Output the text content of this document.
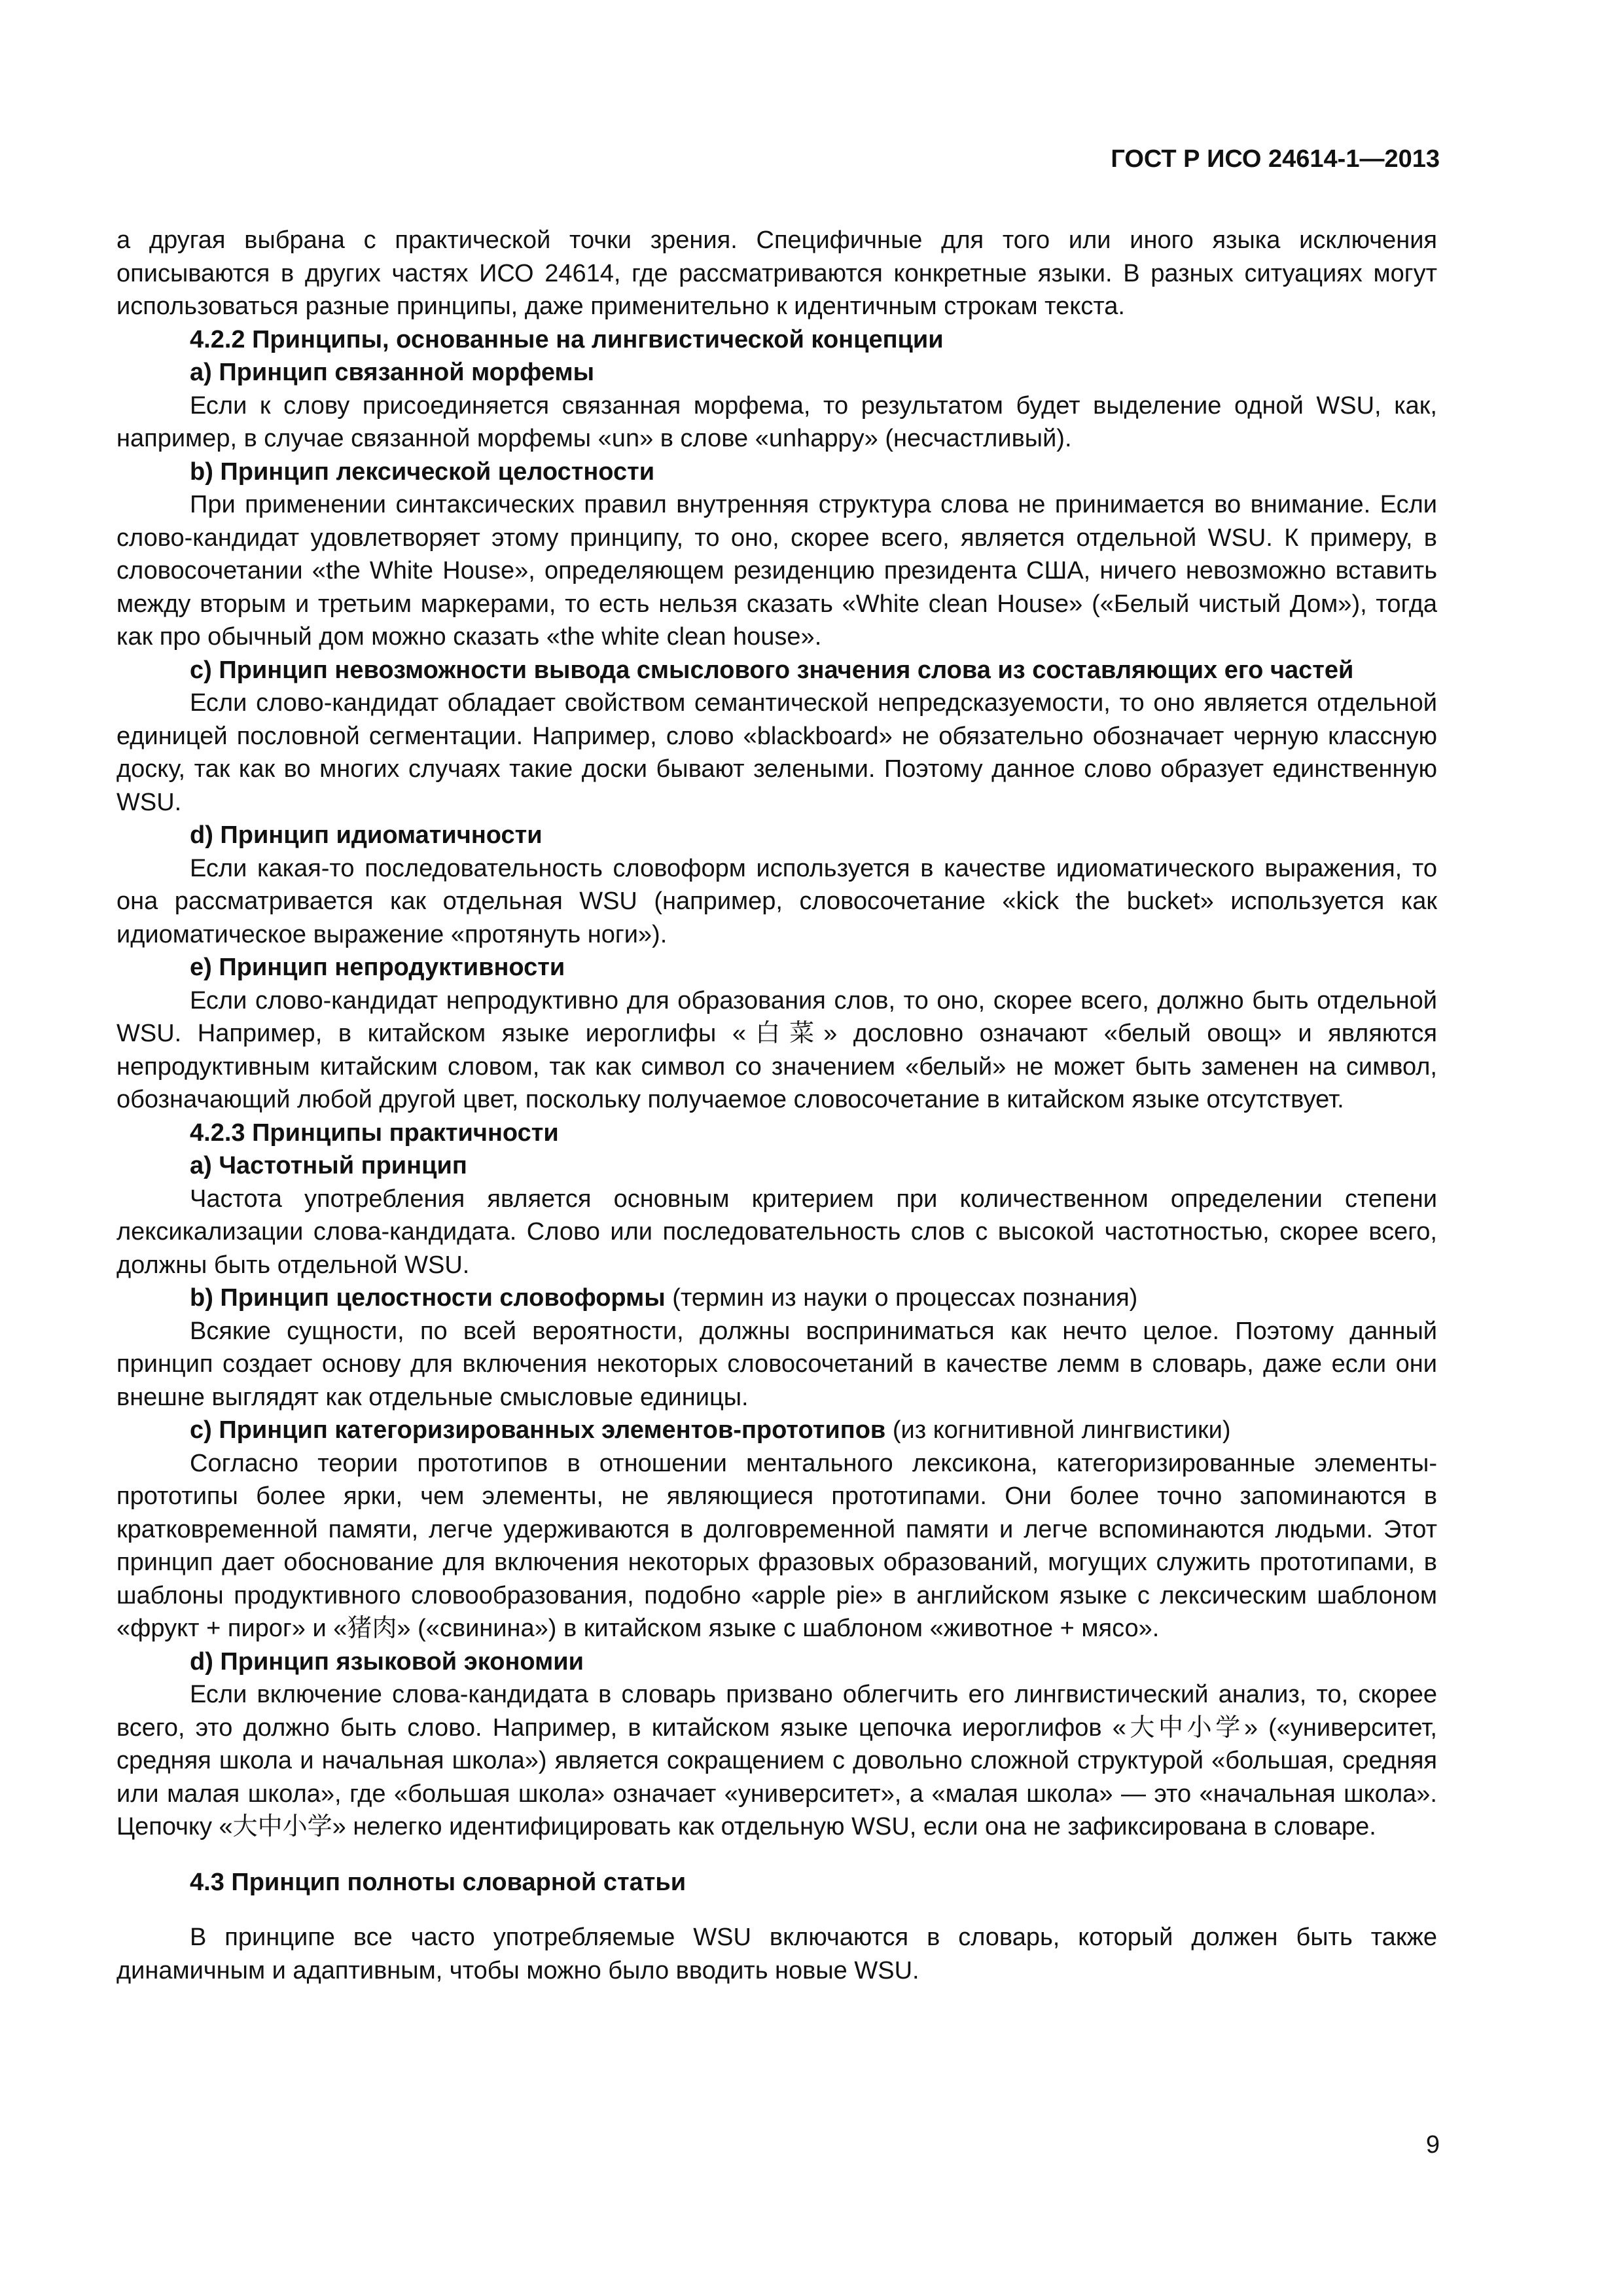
ГОСТ Р ИСО 24614-1—2013

а другая выбрана с практической точки зрения. Специфичные для того или иного языка исключения описываются в других частях ИСО 24614, где рассматриваются конкретные языки. В разных ситуациях могут использоваться разные принципы, даже применительно к идентичным строкам текста.

4.2.2 Принципы, основанные на лингвистической концепции

a) Принцип связанной морфемы

Если к слову присоединяется связанная морфема, то результатом будет выделение одной WSU, как, например, в случае связанной морфемы «un» в слове «unhappy» (несчастливый).

b) Принцип лексической целостности

При применении синтаксических правил внутренняя структура слова не принимается во внимание. Если слово-кандидат удовлетворяет этому принципу, то оно, скорее всего, является отдельной WSU. К примеру, в словосочетании «the White House», определяющем резиденцию президента США, ничего невозможно вставить между вторым и третьим маркерами, то есть нельзя сказать «White clean House» («Белый чистый Дом»), тогда как про обычный дом можно сказать «the white clean house».

c) Принцип невозможности вывода смыслового значения слова из составляющих его частей

Если слово-кандидат обладает свойством семантической непредсказуемости, то оно является отдельной единицей пословной сегментации. Например, слово «blackboard» не обязательно обозначает черную классную доску, так как во многих случаях такие доски бывают зелеными. Поэтому данное слово образует единственную WSU.

d) Принцип идиоматичности

Если какая-то последовательность словоформ используется в качестве идиоматического выражения, то она рассматривается как отдельная WSU (например, словосочетание «kick the bucket» используется как идиоматическое выражение «протянуть ноги»).

e) Принцип непродуктивности

Если слово-кандидат непродуктивно для образования слов, то оно, скорее всего, должно быть отдельной WSU. Например, в китайском языке иероглифы «白菜» дословно означают «белый овощ» и являются непродуктивным китайским словом, так как символ со значением «белый» не может быть заменен на символ, обозначающий любой другой цвет, поскольку получаемое словосочетание в китайском языке отсутствует.

4.2.3 Принципы практичности

a) Частотный принцип

Частота употребления является основным критерием при количественном определении степени лексикализации слова-кандидата. Слово или последовательность слов с высокой частотностью, скорее всего, должны быть отдельной WSU.

b) Принцип целостности словоформы (термин из науки о процессах познания)

Всякие сущности, по всей вероятности, должны восприниматься как нечто целое. Поэтому данный принцип создает основу для включения некоторых словосочетаний в качестве лемм в словарь, даже если они внешне выглядят как отдельные смысловые единицы.

c) Принцип категоризированных элементов-прототипов (из когнитивной лингвистики)

Согласно теории прототипов в отношении ментального лексикона, категоризированные элементы-прототипы более ярки, чем элементы, не являющиеся прототипами. Они более точно запоминаются в кратковременной памяти, легче удерживаются в долговременной памяти и легче вспоминаются людьми. Этот принцип дает обоснование для включения некоторых фразовых образований, могущих служить прототипами, в шаблоны продуктивного словообразования, подобно «apple pie» в английском языке с лексическим шаблоном «фрукт + пирог» и «猪肉» («свинина») в китайском языке с шаблоном «животное + мясо».

d) Принцип языковой экономии

Если включение слова-кандидата в словарь призвано облегчить его лингвистический анализ, то, скорее всего, это должно быть слово. Например, в китайском языке цепочка иероглифов «大中小学» («университет, средняя школа и начальная школа») является сокращением с довольно сложной структурой «большая, средняя или малая школа», где «большая школа» означает «университет», а «малая школа» — это «начальная школа». Цепочку «大中小学» нелегко идентифицировать как отдельную WSU, если она не зафиксирована в словаре.

4.3 Принцип полноты словарной статьи

В принципе все часто употребляемые WSU включаются в словарь, который должен быть также динамичным и адаптивным, чтобы можно было вводить новые WSU.

9
